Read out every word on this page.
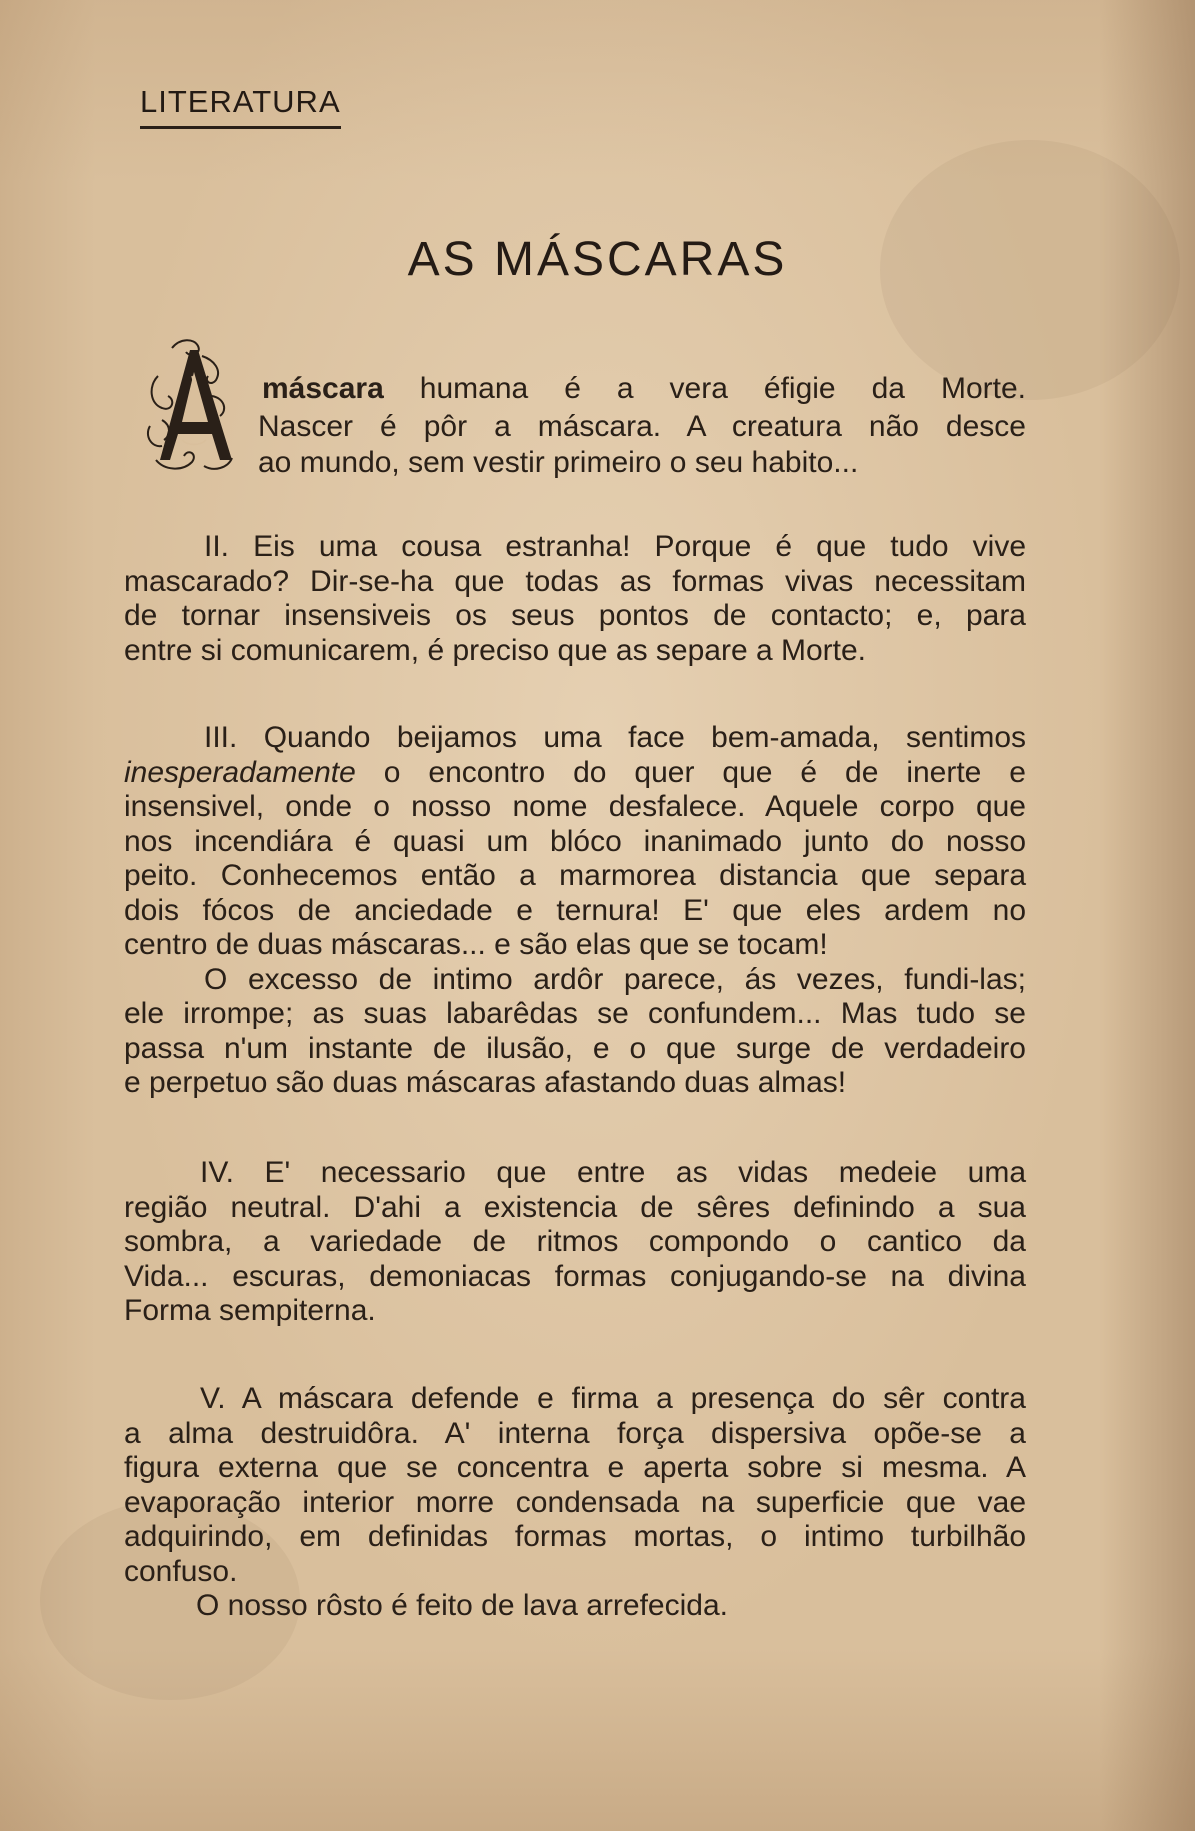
LITERATURA
AS MÁSCARAS
máscara humana é a vera éfigie da Morte.
Nascer é pôr a máscara. A creatura não desce
ao mundo, sem vestir primeiro o seu habito...
II. Eis uma cousa estranha! Porque é que tudo vive
mascarado? Dir-se-ha que todas as formas vivas necessitam
de tornar insensiveis os seus pontos de contacto; e, para
entre si comunicarem, é preciso que as separe a Morte.
III. Quando beijamos uma face bem-amada, sentimos
inesperadamente o encontro do quer que é de inerte e
insensivel, onde o nosso nome desfalece. Aquele corpo que
nos incendiára é quasi um blóco inanimado junto do nosso
peito. Conhecemos então a marmorea distancia que separa
dois fócos de anciedade e ternura! E' que eles ardem no
centro de duas máscaras... e são elas que se tocam!
O excesso de intimo ardôr parece, ás vezes, fundi-las;
ele irrompe; as suas labarêdas se confundem... Mas tudo se
passa n'um instante de ilusão, e o que surge de verdadeiro
e perpetuo são duas máscaras afastando duas almas!
IV. E' necessario que entre as vidas medeie uma
região neutral. D'ahi a existencia de sêres definindo a sua
sombra, a variedade de ritmos compondo o cantico da
Vida... escuras, demoniacas formas conjugando-se na divina
Forma sempiterna.
V. A máscara defende e firma a presença do sêr contra
a alma destruidôra. A' interna força dispersiva opõe-se a
figura externa que se concentra e aperta sobre si mesma. A
evaporação interior morre condensada na superficie que vae
adquirindo, em definidas formas mortas, o intimo turbilhão
confuso.
O nosso rôsto é feito de lava arrefecida.
